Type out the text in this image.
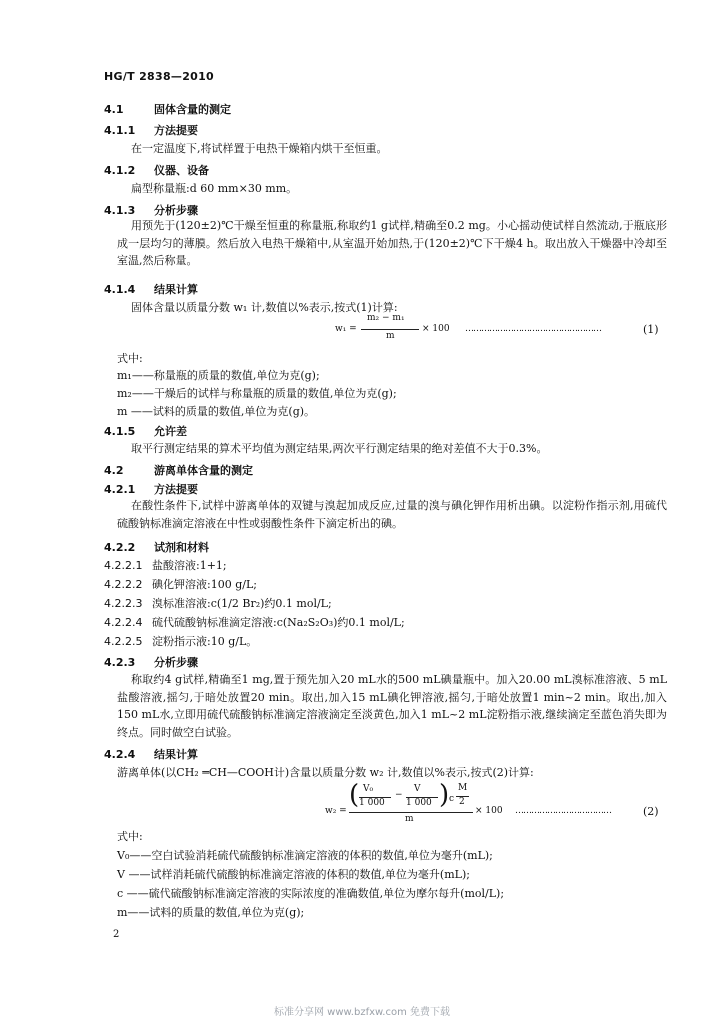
HG/T 2838—2010
4.1	固体含量的测定
4.1.1 方法提要
在一定温度下,将试样置于电热干燥箱内烘干至恒重。
4.1.2 仪器、设备
扁型称量瓶:d 60 mm×30 mm。
4.1.3 分析步骤
用预先于(120±2)℃干燥至恒重的称量瓶,称取约1 g试样,精确至0.2 mg。小心摇动使试样自然流动,于瓶底形成一层均匀的薄膜。然后放入电热干燥箱中,从室温开始加热,于(120±2)℃下干燥4 h。取出放入干燥器中冷却至室温,然后称量。
4.1.4 结果计算
固体含量以质量分数 w₁ 计,数值以%表示,按式(1)计算:
w₁ =
m₂ − m₁
m
× 100 ……………………………………………	(1)
式中:
m₁——称量瓶的质量的数值,单位为克(g);
m₂——干燥后的试样与称量瓶的质量的数值,单位为克(g);
m ——试料的质量的数值,单位为克(g)。
4.1.5 允许差
取平行测定结果的算术平均值为测定结果,两次平行测定结果的绝对差值不大于0.3%。
4.2	游离单体含量的测定
4.2.1 方法提要
在酸性条件下,试样中游离单体的双键与溴起加成反应,过量的溴与碘化钾作用析出碘。以淀粉作指示剂,用硫代硫酸钠标准滴定溶液在中性或弱酸性条件下滴定析出的碘。
4.2.2 试剂和材料
4.2.2.1 盐酸溶液:1+1;
4.2.2.2 碘化钾溶液:100 g/L;
4.2.2.3 溴标准溶液:c(1/2 Br₂)约0.1 mol/L;
4.2.2.4 硫代硫酸钠标准滴定溶液:c(Na₂S₂O₃)约0.1 mol/L;
4.2.2.5 淀粉指示液:10 g/L。
4.2.3 分析步骤
称取约4 g试样,精确至1 mg,置于预先加入20 mL水的500 mL碘量瓶中。加入20.00 mL溴标准溶液、5 mL盐酸溶液,摇匀,于暗处放置20 min。取出,加入15 mL碘化钾溶液,摇匀,于暗处放置1 min~2 min。取出,加入150 mL水,立即用硫代硫酸钠标准滴定溶液滴定至淡黄色,加入1 mL~2 mL淀粉指示液,继续滴定至蓝色消失即为终点。同时做空白试验。
4.2.4 结果计算
游离单体(以CH₂ ═CH—COOH计)含量以质量分数 w₂ 计,数值以%表示,按式(2)计算:
w₂ =
( V₀
1 000
−
V
1 000 ) c
M
2
m
× 100 ………………………………	(2)
式中:
V₀——空白试验消耗硫代硫酸钠标准滴定溶液的体积的数值,单位为毫升(mL);
V ——试样消耗硫代硫酸钠标准滴定溶液的体积的数值,单位为毫升(mL);
c ——硫代硫酸钠标准滴定溶液的实际浓度的准确数值,单位为摩尔每升(mol/L);
m——试料的质量的数值,单位为克(g);
2
标准分享网 www.bzfxw.com 免费下载
